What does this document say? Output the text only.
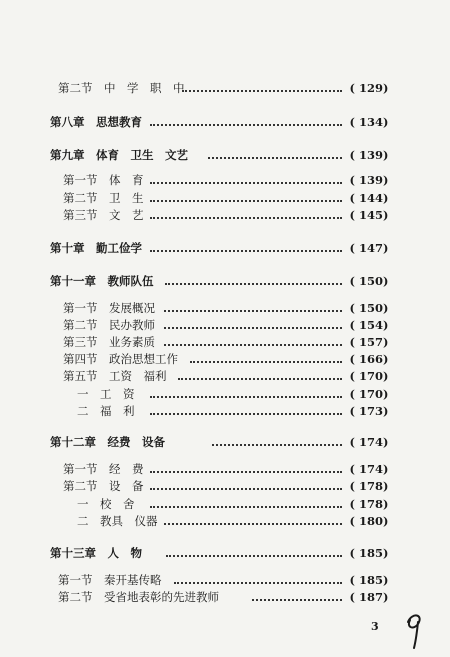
第二节　中　学　职　中	( 129)
第八章　思想教育	( 134)
第九章　体育　卫生　文艺	( 139)
第一节　体　育	( 139)
第二节　卫　生	( 144)
第三节　文　艺	( 145)
第十章　勤工俭学	( 147)
第十一章　教师队伍	( 150)
第一节　发展概况	( 150)
第二节　民办教师	( 154)
第三节　业务素质	( 157)
第四节　政治思想工作	( 166)
第五节　工资　福利	( 170)
一　工　资	( 170)
二　福　利	( 173)
第十二章　经费　设备	( 174)
第一节　经　费	( 174)
第二节　设　备	( 178)
一　校　舍	( 178)
二　教具　仪器	( 180)
第十三章　人　物	( 185)
第一节　秦开基传略	( 185)
第二节　受省地表彰的先进教师	( 187)
3
